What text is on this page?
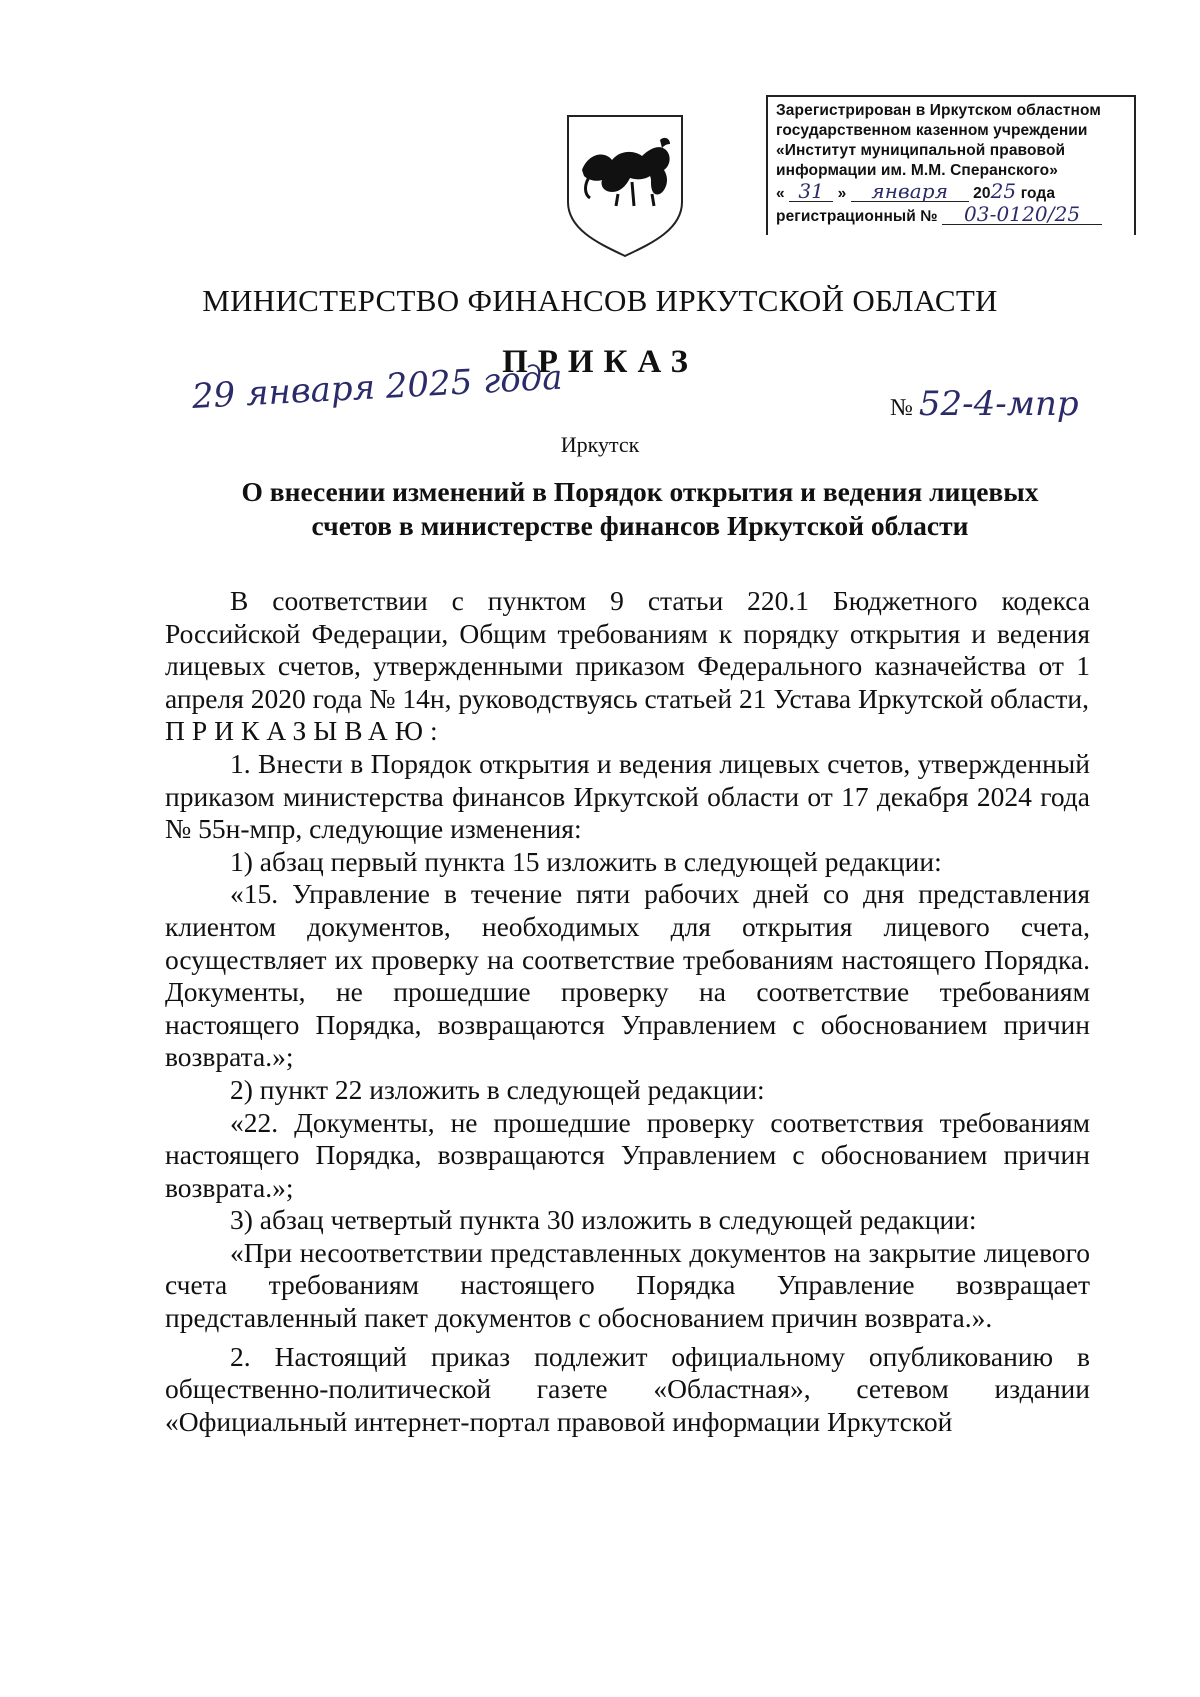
Зарегистрирован в Иркутском областном
государственном казенном учреждении
«Институт муниципальной правовой
информации им. М.М. Сперанского»
« 31 » января 2025 года
регистрационный № 03-0120/25
МИНИСТЕРСТВО ФИНАНСОВ ИРКУТСКОЙ ОБЛАСТИ
ПРИКАЗ
29 января 2025 года	№ 52-4-мпр
Иркутск
О внесении изменений в Порядок открытия и ведения лицевых
счетов в министерстве финансов Иркутской области

В соответствии с пунктом 9 статьи 220.1 Бюджетного кодекса Российской Федерации, Общим требованиям к порядку открытия и ведения лицевых счетов, утвержденными приказом Федерального казначейства от 1 апреля 2020 года № 14н, руководствуясь статьей 21 Устава Иркутской области,

ПРИКАЗЫВАЮ:

1. Внести в Порядок открытия и ведения лицевых счетов, утвержденный приказом министерства финансов Иркутской области от 17 декабря 2024 года № 55н-мпр, следующие изменения:

1) абзац первый пункта 15 изложить в следующей редакции:

«15. Управление в течение пяти рабочих дней со дня представления клиентом документов, необходимых для открытия лицевого счета, осуществляет их проверку на соответствие требованиям настоящего Порядка. Документы, не прошедшие проверку на соответствие требованиям настоящего Порядка, возвращаются Управлением с обоснованием причин возврата.»;

2) пункт 22 изложить в следующей редакции:

«22. Документы, не прошедшие проверку соответствия требованиям настоящего Порядка, возвращаются Управлением с обоснованием причин возврата.»;

3) абзац четвертый пункта 30 изложить в следующей редакции:

«При несоответствии представленных документов на закрытие лицевого счета требованиям настоящего Порядка Управление возвращает представленный пакет документов с обоснованием причин возврата.».

2. Настоящий приказ подлежит официальному опубликованию в общественно-политической газете «Областная», сетевом издании «Официальный интернет-портал правовой информации Иркутской
